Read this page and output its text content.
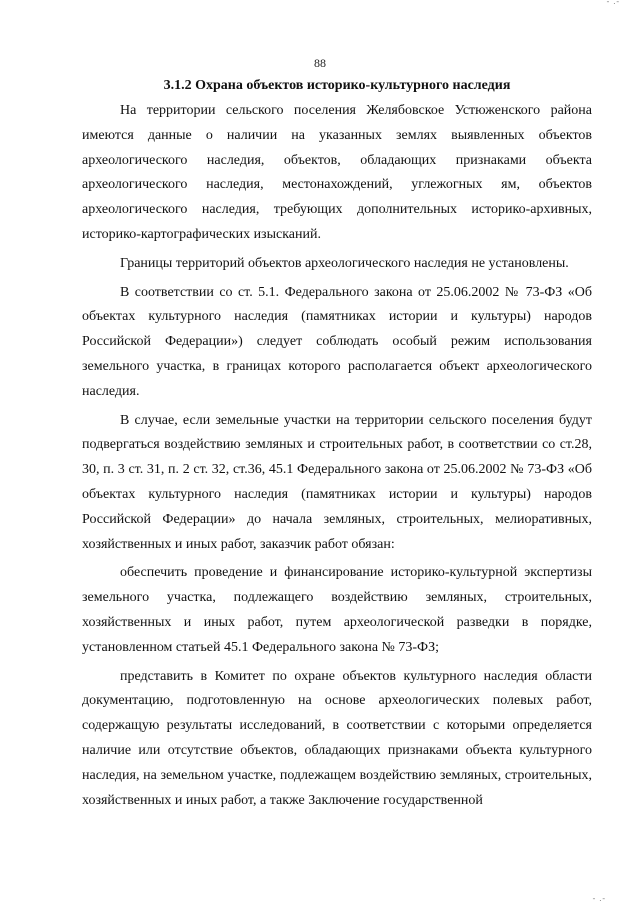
- .-
88
3.1.2 Охрана объектов историко-культурного наследия

На территории сельского поселения Желябовское Устюженского района имеются данные о наличии на указанных землях выявленных объектов археологического наследия, объектов, обладающих признаками объекта археологического наследия, местонахождений, углежогных ям, объектов археологического наследия, требующих дополнительных историко-архивных, историко-картографических изысканий.

Границы территорий объектов археологического наследия не установлены.

В соответствии со ст. 5.1. Федерального закона от 25.06.2002 № 73-ФЗ «Об объектах культурного наследия (памятниках истории и культуры) народов Российской Федерации») следует соблюдать особый режим использования земельного участка, в границах которого располагается объект археологического наследия.

В случае, если земельные участки на территории сельского поселения будут подвергаться воздействию земляных и строительных работ, в соответствии со ст.28, 30, п. 3 ст. 31, п. 2 ст. 32, ст.36, 45.1 Федерального закона от 25.06.2002 № 73-ФЗ «Об объектах культурного наследия (памятниках истории и культуры) народов Российской Федерации» до начала земляных, строительных, мелиоративных, хозяйственных и иных работ, заказчик работ обязан:

обеспечить проведение и финансирование историко-культурной экспертизы земельного участка, подлежащего воздействию земляных, строительных, хозяйственных и иных работ, путем археологической разведки в порядке, установленном статьей 45.1 Федерального закона № 73-ФЗ;

представить в Комитет по охране объектов культурного наследия области документацию, подготовленную на основе археологических полевых работ, содержащую результаты исследований, в соответствии с которыми определяется наличие или отсутствие объектов, обладающих признаками объекта культурного наследия, на земельном участке, подлежащем воздействию земляных, строительных, хозяйственных и иных работ, а также Заключение государственной

- .-
